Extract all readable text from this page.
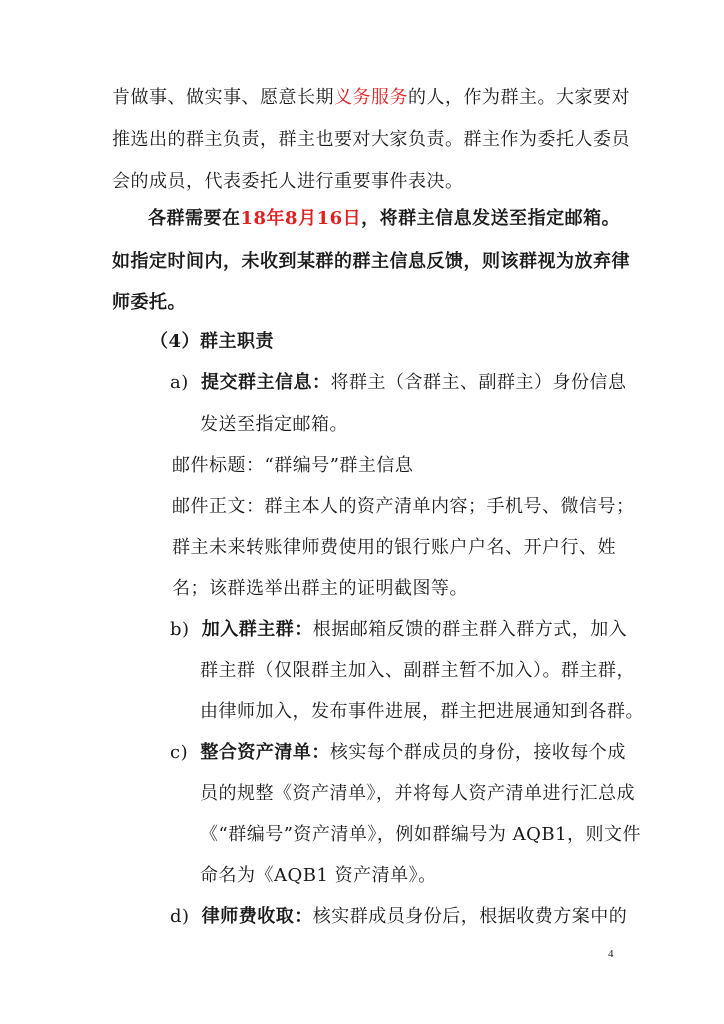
肯做事、做实事、愿意长期义务服务的人，作为群主。大家要对
推选出的群主负责，群主也要对大家负责。群主作为委托人委员
会的成员，代表委托人进行重要事件表决。
各群需要在18年8月16日，将群主信息发送至指定邮箱。
如指定时间内，未收到某群的群主信息反馈，则该群视为放弃律
师委托。
（4）群主职责
a) 提交群主信息：将群主（含群主、副群主）身份信息
发送至指定邮箱。
邮件标题：“群编号”群主信息
邮件正文：群主本人的资产清单内容；手机号、微信号；
群主未来转账律师费使用的银行账户户名、开户行、姓
名；该群选举出群主的证明截图等。
b) 加入群主群：根据邮箱反馈的群主群入群方式，加入
群主群（仅限群主加入、副群主暂不加入）。群主群，
由律师加入，发布事件进展，群主把进展通知到各群。
c) 整合资产清单：核实每个群成员的身份，接收每个成
员的规整《资产清单》，并将每人资产清单进行汇总成
《“群编号”资产清单》，例如群编号为 AQB1，则文件
命名为《AQB1 资产清单》。
d) 律师费收取：核实群成员身份后，根据收费方案中的
4
